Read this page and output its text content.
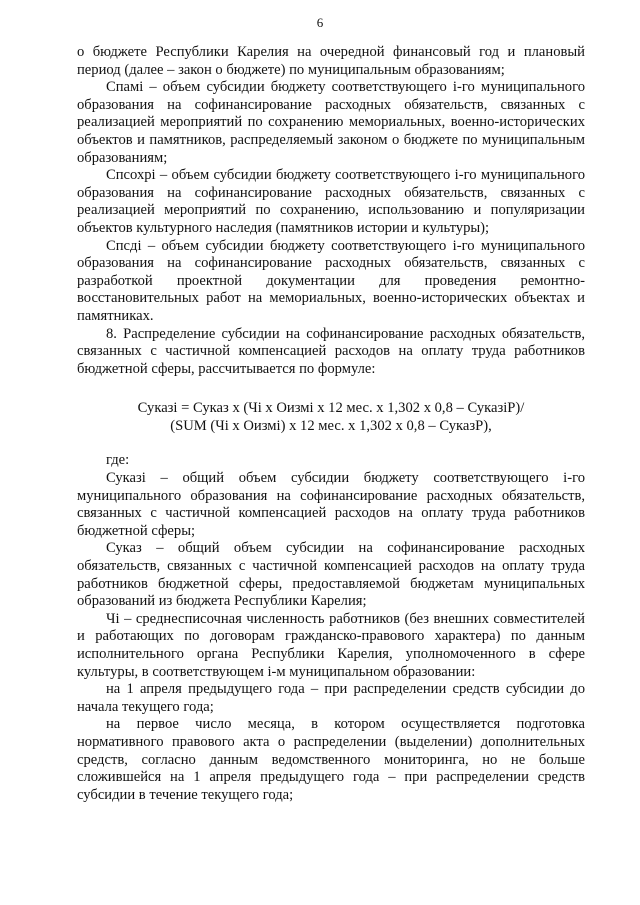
6

о бюджете Республики Карелия на очередной финансовый год и плановый период (далее – закон о бюджете) по муниципальным образованиям;

Спамі – объем субсидии бюджету соответствующего і-го муниципального образования на софинансирование расходных обязательств, связанных с реализацией мероприятий по сохранению мемориальных, военно-исторических объектов и памятников, распределяемый законом о бюджете по муниципальным образованиям;

Спсохрі – объем субсидии бюджету соответствующего і-го муниципального образования на софинансирование расходных обязательств, связанных с реализацией мероприятий по сохранению, использованию и популяризации объектов культурного наследия (памятников истории и культуры);

Спсді – объем субсидии бюджету соответствующего і-го муниципального образования на софинансирование расходных обязательств, связанных с разработкой проектной документации для проведения ремонтно-восстановительных работ на мемориальных, военно-исторических объектах и памятниках.

8. Распределение субсидии на софинансирование расходных обязательств, связанных с частичной компенсацией расходов на оплату труда работников бюджетной сферы, рассчитывается по формуле:

Суказі = Суказ x (Чі x Оизмі x 12 мес. x 1,302 x 0,8 – СуказіР)/
(SUM (Чі x Оизмі) x 12 мес. x 1,302 x 0,8 – СуказР),

где:

Суказі – общий объем субсидии бюджету соответствующего і-го муниципального образования на софинансирование расходных обязательств, связанных с частичной компенсацией расходов на оплату труда работников бюджетной сферы;

Суказ – общий объем субсидии на софинансирование расходных обязательств, связанных с частичной компенсацией расходов на оплату труда работников бюджетной сферы, предоставляемой бюджетам муниципальных образований из бюджета Республики Карелия;

Чі – среднесписочная численность работников (без внешних совместителей и работающих по договорам гражданско-правового характера) по данным исполнительного органа Республики Карелия, уполномоченного в сфере культуры, в соответствующем і-м муниципальном образовании:

на 1 апреля предыдущего года – при распределении средств субсидии до начала текущего года;

на первое число месяца, в котором осуществляется подготовка нормативного правового акта о распределении (выделении) дополнительных средств, согласно данным ведомственного мониторинга, но не больше сложившейся на 1 апреля предыдущего года – при распределении средств субсидии в течение текущего года;
